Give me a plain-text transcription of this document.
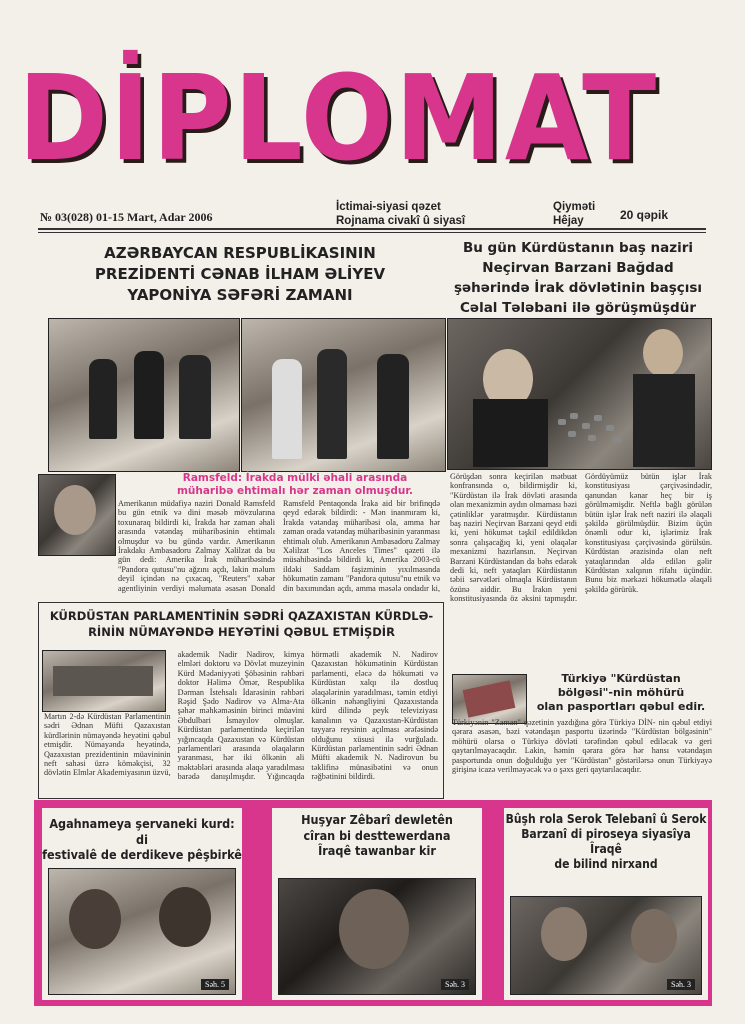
DİPLOMAT
№ 03(028) 01-15 Mart, Adar 2006
İctimai-siyasi qəzet
Rojnama civakî û siyasî
Qiyməti
Hêjay	20 qəpik
AZƏRBAYCAN RESPUBLİKASININ
PREZİDENTİ CƏNAB İLHAM ƏLİYEV
YAPONİYA SƏFƏRİ ZAMANI
Bu gün Kürdüstanın baş naziri
Neçirvan Barzani Bağdad
şəhərində İrak dövlətinin başçısı
Cəlal Tələbani ilə görüşmüşdür
Ramsfeld: İrakda mülki əhali arasında
müharibə ehtimalı hər zaman olmuşdur.
Amerikanın müdafiyə naziri Donald Ramsfeld bu gün etnik və dini məsəb mövzularına toxunaraq bildirdi ki, İrakda hər zaman əhali arasında vətəndaş müharibəsinin ehtimalı olmuşdur və bu gündə vardır. Amerikanın İrakdakı Ambasadoru Zalmay Xəlilzat da bu gün dedi: Amerika İrak müharibəsində "Pandora qutusu"nu ağzını açdı, lakin məlum deyil içindən nə çıxacaq, "Reuters" xəbər agentliyinin verdiyi məlumata əsasən Donald Ramsfeld Pentaqonda İraka aid bir brifinqdə qeyd edərək bildirdi: - Mən inanmıram ki, İrakda vətəndaş müharibəsi ola, amma hər zaman orada vətəndaş müharibəsinin yaranması ehtimalı olub. Amerikanın Ambasadoru Zalmay Xəlilzat "Los Anceles Times" qəzeti ilə müsahibəsində bildirdi ki, Amerika 2003-cü ildəki Saddam faşizminin yıxılmasında hökumətin zamanı "Pandora qutusu"nu etnik və din baxımından açdı, amma məsələ ondadır ki,
Görüşdən sonra keçirilən mətbuat konfransında o, bildirmişdir ki, "Kürdüstan ilə İrak dövləti arasında olan mexanizmin aydın olmaması bəzi çətinliklər yaratmışdır. Kürdüstanın baş naziri Neçirvan Barzani qeyd etdi ki, yeni hökumət təşkil edildikdən sonra çalışacağıq ki, yeni olaqələr mexanizmi hazırlansın. Neçirvan Barzani Kürdüstandan da bəhs edərək dedi ki, neft yataqları Kürdüstanın təbii sərvətləri olmaqla Kürdüstanın özünə aiddir. Bu İrakın yeni konstitusiyasında öz əksini tapmışdır. Gördüyümüz bütün işlər İrak konstitusiyası çərçivəsindədir, qanundan kənar heç bir iş görülməmişdir. Neftlə bağlı görülən bütün işlər İrak neft naziri ilə əlaqəli şəkildə görülmüşdür. Bizim üçün önəmli odur ki, işlərimiz İrak konstitusiyası çərçivəsində görülsün. Kürdüstan ərazisində olan neft yataqlarından əldə edilən gəlir Kürdüstan xalqının rifahı üçündür. Bunu biz mərkəzi hökumətlə əlaqəli şəkildə görürük.
KÜRDÜSTAN PARLAMENTİNİN SƏDRİ QAZAXISTAN KÜRDLƏ-
RİNİN NÜMAYƏNDƏ HEYƏTİNİ QƏBUL ETMİŞDİR
Martın 2-də Kürdüstan Parlamentinin sədri Ədnan Müfti Qazaxıstan kürdlərinin nümayəndə heyətini qəbul etmişdir. Nümayəndə heyətində, Qazaxıstan prezidentinin müavininin neft sahəsi üzrə köməkçisi, 32 dövlətin Elmlər Akademiyasının üzvü, akademik Nadir Nadirov, kimya elmləri doktoru və Dövlət muzeyinin Kürd Mədəniyyəti Şöbəsinin rəhbəri doktor Həlimə Ömər, Respublika Dərman İstehsalı İdarəsinin rəhbəri Rəşid Şədo Nadirov və Alma-Ata şəhər məhkəməsinin birinci müavini Əbdulbari İsmayılov olmuşlar. Kürdüstan parlamentində keçirilən yığıncaqda Qazaxıstan və Kürdüstan parlamentləri arasında olaqaların yaranması, hər iki ölkənin ali məktəbləri arasında əlaqə yaradılması barədə danışılmışdır. Yığıncaqda hörmətli akademik N. Nadirov Qazaxıstan hökumətinin Kürdüstan parlamenti, eləcə də hökuməti və Kürdüstan xalqı ilə dostluq əlaqələrinin yaradılması, təmin etdiyi ölkənin nəhəngliyini Qazaxıstanda kürd dilində peyk televiziyası kanalının və Qazaxıstan-Kürdüstan tayyarə reysinin açılması ərəfəsində olduğunu xüsusi ilə vurğuladı. Kürdüstan parlamentinin sədri Ədnan Müfti akademik N. Nadirovun bu təklifinə münasibətini və onun rəğbətinini bildirdi.
Türkiyə "Kürdüstan
bölgəsi"-nin möhürü
olan pasportları qəbul edir.
Türkiyənin "Zaman" qəzetinin yazdığına görə Türkiyə DİN- nin qəbul etdiyi qərara əsasən, bəzi vətəndaşın pasportu üzərində "Kürdüstan bölgəsinin" möhürü olarsa o Türkiyə dövləti tərəfindən qəbul ediləcək və geri qaytarılmayacaqdır. Lakin, həmin qərara görə hər hansı vətəndaşın pasportunda onun doğulduğu yer "Kürdüstan" göstərilərsə onun Türkiyəyə girişinə icazə verilməyəcək və o şəxs geri qaytarılacaqdır.
Agahnameya şervaneki kurd: di
festivalê de derdikeve pêşbirkê
Səh. 5
Huşyar Zêbarî dewletên
cîran bi desttewerdana
Îraqê tawanbar kir
Səh. 3
Bûşh rola Serok Telebanî û Serok
Barzanî di piroseya siyasîya Îraqê
de bilind nirxand
Səh. 3
